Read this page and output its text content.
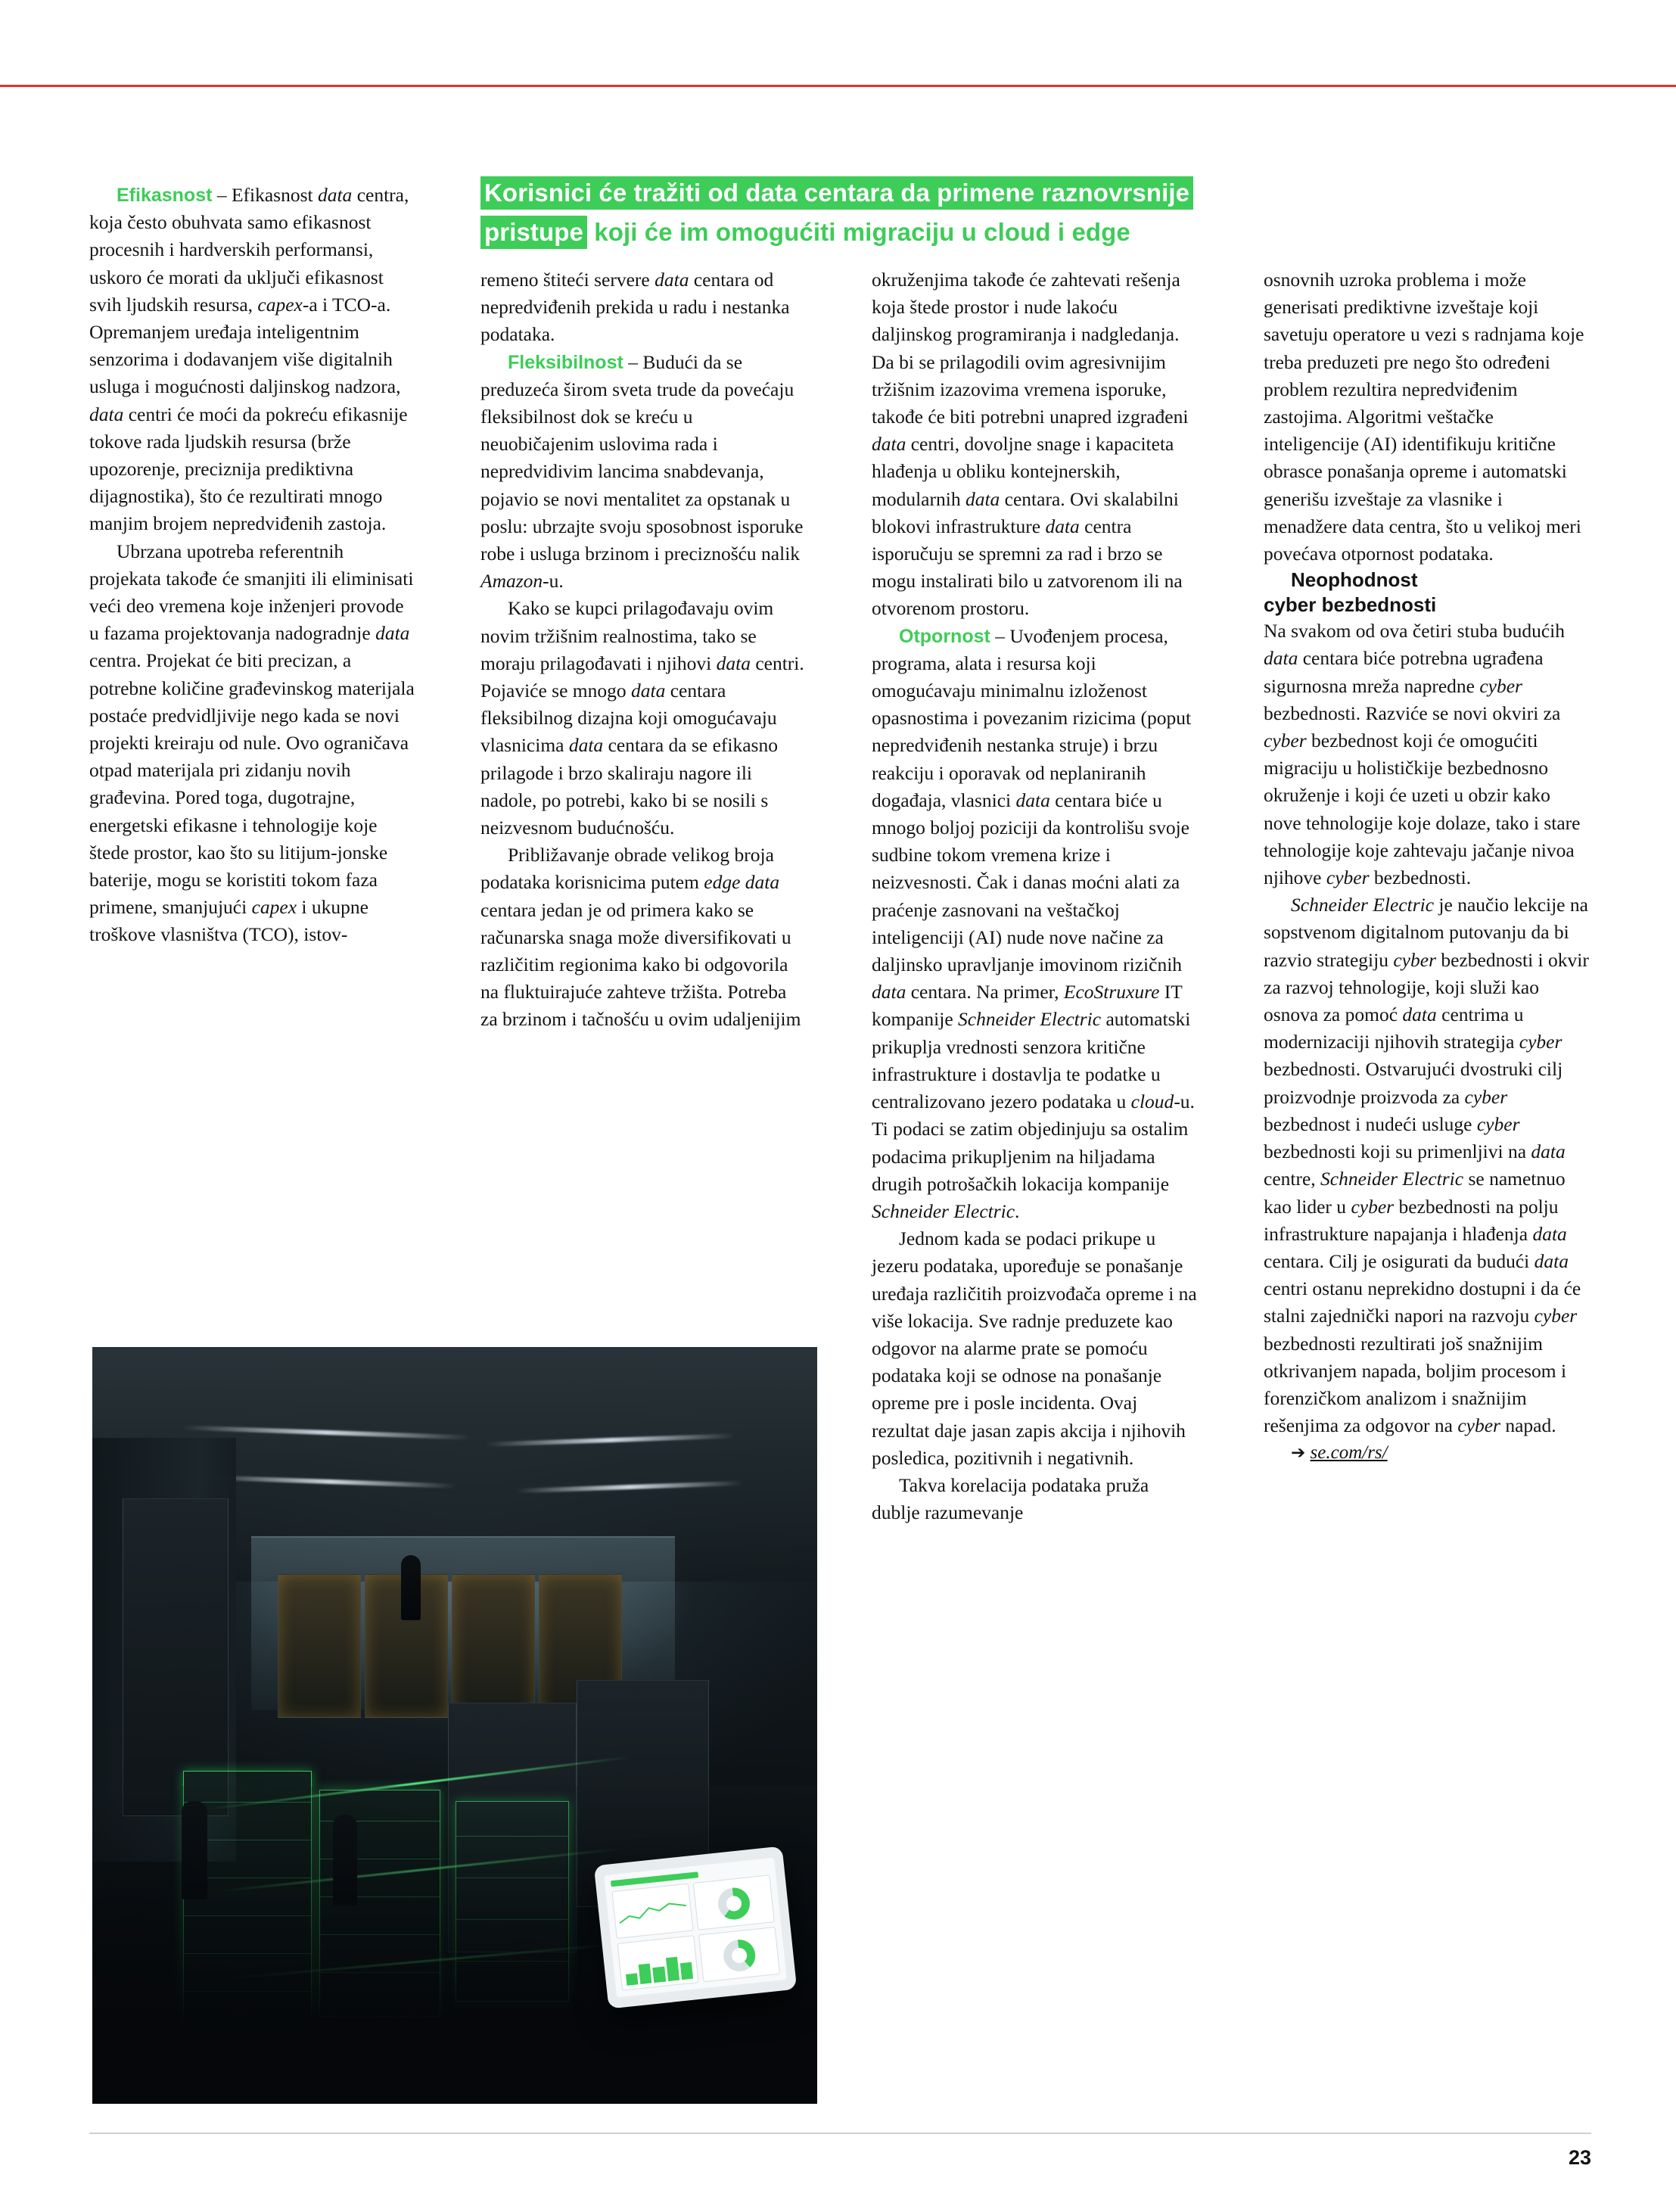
Korisnici će tražiti od data centara da primene raznovrsnije
pristupe koji će im omogućiti migraciju u cloud i edge

Efikasnost – Efikasnost data centra, koja često obuhvata samo efikasnost procesnih i hardverskih performansi, uskoro će morati da uključi efikasnost svih ljudskih resursa, capex-a i TCO-a. Opremanjem uređaja inteligentnim senzorima i dodavanjem više digitalnih usluga i mogućnosti daljinskog nadzora, data centri će moći da pokreću efikasnije tokove rada ljudskih resursa (brže upozorenje, preciznija prediktivna dijagnostika), što će rezultirati mnogo manjim brojem nepredviđenih zastoja.

Ubrzana upotreba referentnih projekata takođe će smanjiti ili eliminisati veći deo vremena koje inženjeri provode u fazama projektovanja nadogradnje data centra. Projekat će biti precizan, a potrebne količine građevinskog materijala postaće predvidljivije nego kada se novi projekti kreiraju od nule. Ovo ograničava otpad materijala pri zidanju novih građevina. Pored toga, dugotrajne, energetski efikasne i tehnologije koje štede prostor, kao što su litijum-jonske baterije, mogu se koristiti tokom faza primene, smanjujući capex i ukupne troškove vlasništva (TCO), istov-

remeno štiteći servere data centara od nepredviđenih prekida u radu i nestanka podataka.

Fleksibilnost – Budući da se preduzeća širom sveta trude da povećaju fleksibilnost dok se kreću u neuobičajenim uslovima rada i nepredvidivim lancima snabdevanja, pojavio se novi mentalitet za opstanak u poslu: ubrzajte svoju sposobnost isporuke robe i usluga brzinom i preciznošću nalik Amazon-u.

Kako se kupci prilagođavaju ovim novim tržišnim realnostima, tako se moraju prilagođavati i njihovi data centri. Pojaviće se mnogo data centara fleksibilnog dizajna koji omogućavaju vlasnicima data centara da se efikasno prilagode i brzo skaliraju nagore ili nadole, po potrebi, kako bi se nosili s neizvesnom budućnošću.

Približavanje obrade velikog broja podataka korisnicima putem edge data centara jedan je od primera kako se računarska snaga može diversifikovati u različitim regionima kako bi odgovorila na fluktuirajuće zahteve tržišta. Potreba za brzinom i tačnošću u ovim udaljenijim

okruženjima takođe će zahtevati rešenja koja štede prostor i nude lakoću daljinskog programiranja i nadgledanja. Da bi se prilagodili ovim agresivnijim tržišnim izazovima vremena isporuke, takođe će biti potrebni unapred izgrađeni data centri, dovoljne snage i kapaciteta hlađenja u obliku kontejnerskih, modularnih data centara. Ovi skalabilni blokovi infrastrukture data centra isporučuju se spremni za rad i brzo se mogu instalirati bilo u zatvorenom ili na otvorenom prostoru.

Otpornost – Uvođenjem procesa, programa, alata i resursa koji omogućavaju minimalnu izloženost opasnostima i povezanim rizicima (poput nepredviđenih nestanka struje) i brzu reakciju i oporavak od neplaniranih događaja, vlasnici data centara biće u mnogo boljoj poziciji da kontrolišu svoje sudbine tokom vremena krize i neizvesnosti. Čak i danas moćni alati za praćenje zasnovani na veštačkoj inteligenciji (AI) nude nove načine za daljinsko upravljanje imovinom rizičnih data centara. Na primer, EcoStruxure IT kompanije Schneider Electric automatski prikuplja vrednosti senzora kritične infrastrukture i dostavlja te podatke u centralizovano jezero podataka u cloud-u. Ti podaci se zatim objedinjuju sa ostalim podacima prikupljenim na hiljadama drugih potrošačkih lokacija kompanije Schneider Electric.

Jednom kada se podaci prikupe u jezeru podataka, upoređuje se ponašanje uređaja različitih proizvođača opreme i na više lokacija. Sve radnje preduzete kao odgovor na alarme prate se pomoću podataka koji se odnose na ponašanje opreme pre i posle incidenta. Ovaj rezultat daje jasan zapis akcija i njihovih posledica, pozitivnih i negativnih.

Takva korelacija podataka pruža dublje razumevanje

osnovnih uzroka problema i može generisati prediktivne izveštaje koji savetuju operatore u vezi s radnjama koje treba preduzeti pre nego što određeni problem rezultira nepredviđenim zastojima. Algoritmi veštačke inteligencije (AI) identifikuju kritične obrasce ponašanja opreme i automatski generišu izveštaje za vlasnike i menadžere data centra, što u velikoj meri povećava otpornost podataka.

Neophodnost
cyber bezbednosti

Na svakom od ova četiri stuba budućih data centara biće potrebna ugrađena sigurnosna mreža napredne cyber bezbednosti. Razviće se novi okviri za cyber bezbednost koji će omogućiti migraciju u holističkije bezbednosno okruženje i koji će uzeti u obzir kako nove tehnologije koje dolaze, tako i stare tehnologije koje zahtevaju jačanje nivoa njihove cyber bezbednosti.

Schneider Electric je naučio lekcije na sopstvenom digitalnom putovanju da bi razvio strategiju cyber bezbednosti i okvir za razvoj tehnologije, koji služi kao osnova za pomoć data centrima u modernizaciji njihovih strategija cyber bezbednosti. Ostvarujući dvostruki cilj proizvodnje proizvoda za cyber bezbednost i nudeći usluge cyber bezbednosti koji su primenljivi na data centre, Schneider Electric se nametnuo kao lider u cyber bezbednosti na polju infrastrukture napajanja i hlađenja data centara. Cilj je osigurati da budući data centri ostanu neprekidno dostupni i da će stalni zajednički napori na razvoju cyber bezbednosti rezultirati još snažnijim otkrivanjem napada, boljim procesom i forenzičkom analizom i snažnijim rešenjima za odgovor na cyber napad.

➔ se.com/rs/

23
